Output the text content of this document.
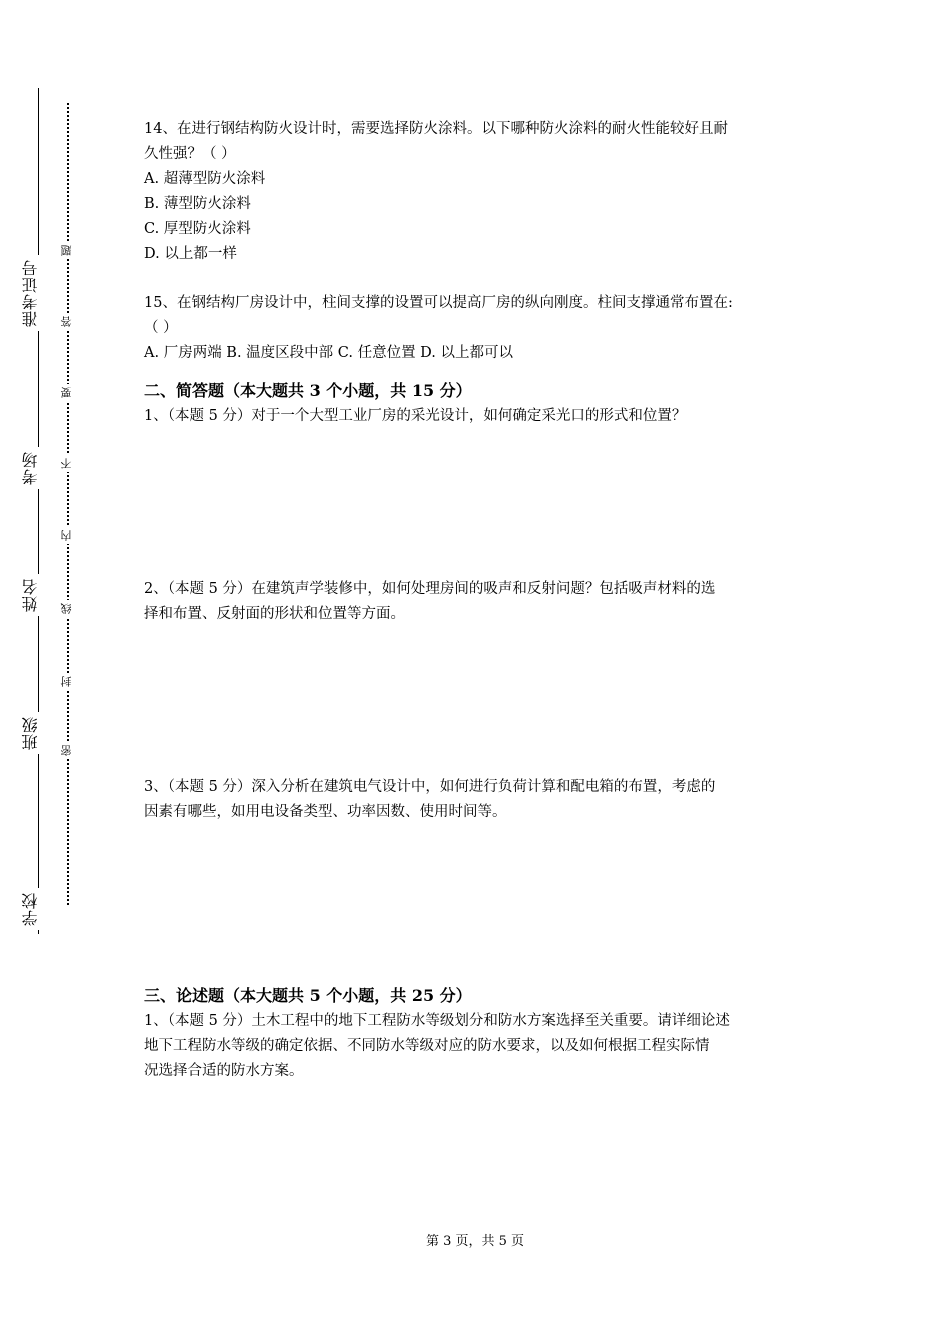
准考证号
考场
姓名
班级
学校
题
答
要
不
内
线
封
密

14、在进行钢结构防火设计时，需要选择防火涂料。以下哪种防火涂料的耐火性能较好且耐

久性强？（ ）

A. 超薄型防火涂料

B. 薄型防火涂料

C. 厚型防火涂料

D. 以上都一样

15、在钢结构厂房设计中，柱间支撑的设置可以提高厂房的纵向刚度。柱间支撑通常布置在:

（ ）

A. 厂房两端 B. 温度区段中部 C. 任意位置 D. 以上都可以

二、简答题（本大题共 3 个小题，共 15 分）

1、（本题 5 分）对于一个大型工业厂房的采光设计，如何确定采光口的形式和位置？

2、（本题 5 分）在建筑声学装修中，如何处理房间的吸声和反射问题？包括吸声材料的选

择和布置、反射面的形状和位置等方面。

3、（本题 5 分）深入分析在建筑电气设计中，如何进行负荷计算和配电箱的布置，考虑的

因素有哪些，如用电设备类型、功率因数、使用时间等。

三、论述题（本大题共 5 个小题，共 25 分）

1、（本题 5 分）土木工程中的地下工程防水等级划分和防水方案选择至关重要。请详细论述

地下工程防水等级的确定依据、不同防水等级对应的防水要求，以及如何根据工程实际情

况选择合适的防水方案。

第 3 页，共 5 页
